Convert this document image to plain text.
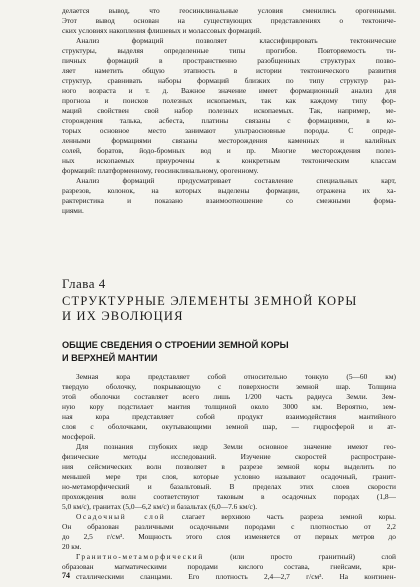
делается вывод, что геосинклинальные условия сменились орогенными.
Этот вывод основан на существующих представлениях о тектониче-
ских условиях накопления флишевых и молассовых формаций.
Анализ формаций позволяет классифицировать тектонические
структуры, выделяя определенные типы прогибов. Повторяемость ти-
пичных формаций в пространственно разобщенных структурах позво-
ляет наметить общую этапность в истории тектонического развития
структур, сравнивать наборы формаций близких по типу структур раз-
ного возраста и т. д. Важное значение имеет формационный анализ для
прогноза и поисков полезных ископаемых, так как каждому типу фор-
маций свойствен свой набор полезных ископаемых. Так, например, ме-
сторождения талька, асбеста, платины связаны с формациями, в ко-
торых основное место занимают ультраосновные породы. С опреде-
ленными формациями связаны месторождения каменных и калийных
солей, боратов, йодо-бромных вод и пр. Многие месторождения полез-
ных ископаемых приурочены к конкретным тектоническим классам
формаций: платформенному, геосинклинальному, орогенному.
Анализ формаций предусматривает составление специальных карт,
разрезов, колонок, на которых выделены формации, отражена их ха-
рактеристика и показано взаимоотношение со смежными форма-
циями.
Глава 4
СТРУКТУРНЫЕ ЭЛЕМЕНТЫ ЗЕМНОЙ КОРЫ
И ИХ ЭВОЛЮЦИЯ
ОБЩИЕ СВЕДЕНИЯ О СТРОЕНИИ ЗЕМНОЙ КОРЫ
И ВЕРХНЕЙ МАНТИИ
Земная кора представляет собой относительно тонкую (5—60 км)
твердую оболочку, покрывающую с поверхности земной шар. Толщина
этой оболочки составляет всего лишь 1/200 часть радиуса Земли. Зем-
ную кору подстилает мантия толщиной около 3000 км. Вероятно, зем-
ная кора представляет собой продукт взаимодействия мантийного
слоя с оболочками, окутывающими земной шар, — гидросферой и ат-
мосферой.
Для познания глубоких недр Земли основное значение имеют гео-
физические методы исследований. Изучение скоростей распростране-
ния сейсмических волн позволяет в разрезе земной коры выделить по
меньшей мере три слоя, которые условно называют осадочный, гранит-
но-метаморфический и базальтовый. В пределах этих слоев скорости
прохождения волн соответствуют таковым в осадочных породах (1,8—
5,0 км/с), гранитах (5,0—6,2 км/с) и базальтах (6,0—7.6 км/с).
Осадочный слой слагает верхнюю часть разреза земной коры.
Он образован различными осадочными породами с плотностью от 2,2
до 2,5 г/см³. Мощность этого слоя изменяется от первых метров до
20 км.
Гранитно-метаморфический (или просто гранитный) слой
образован магматическими породами кислого состава, гнейсами, кри-
сталлическими сланцами. Его плотность 2,4—2,7 г/см³. На континен-
74
